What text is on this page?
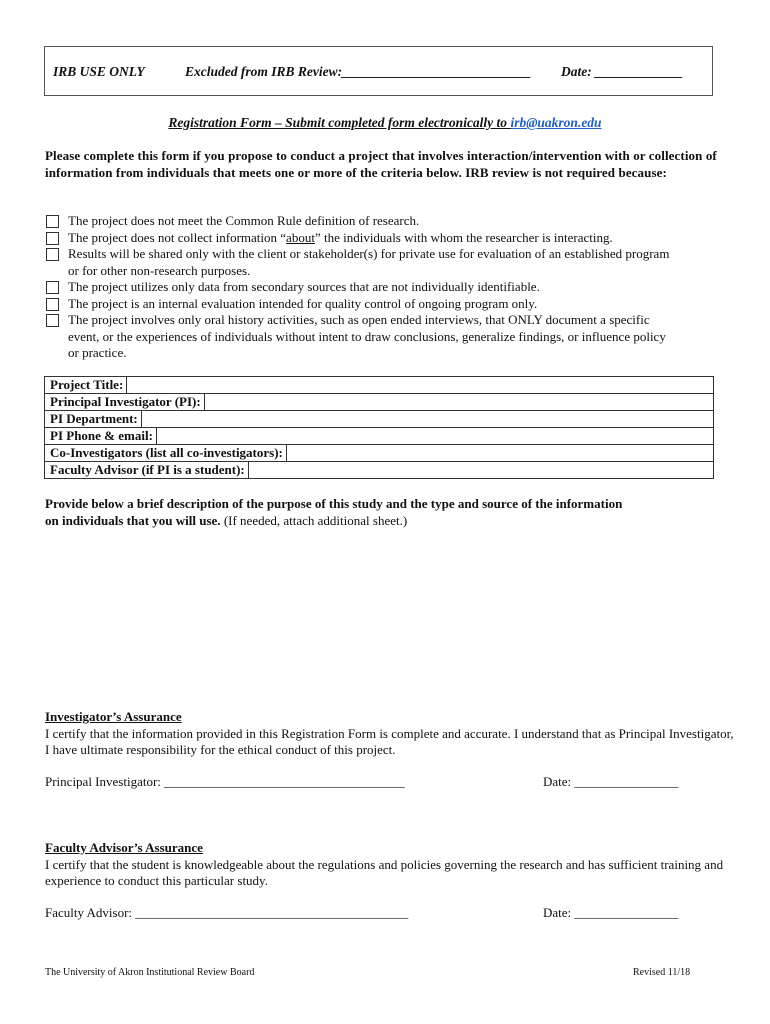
IRB USE ONLY	Excluded from IRB Review:____________________________ Date: _____________
Registration Form – Submit completed form electronically to irb@uakron.edu
Please complete this form if you propose to conduct a project that involves interaction/intervention with or collection of information from individuals that meets one or more of the criteria below. IRB review is not required because:
The project does not meet the Common Rule definition of research.
The project does not collect information “about” the individuals with whom the researcher is interacting.
Results will be shared only with the client or stakeholder(s) for private use for evaluation of an established program
or for other non-research purposes.
The project utilizes only data from secondary sources that are not individually identifiable.
The project is an internal evaluation intended for quality control of ongoing program only.
The project involves only oral history activities, such as open ended interviews, that ONLY document a specific
event, or the experiences of individuals without intent to draw conclusions, generalize findings, or influence policy
or practice.
Project Title:
Principal Investigator (PI):
PI Department:
PI Phone & email:
Co-Investigators (list all co-investigators):
Faculty Advisor (if PI is a student):
Provide below a brief description of the purpose of this study and the type and source of the information
on individuals that you will use. (If needed, attach additional sheet.)
Investigator’s Assurance
I certify that the information provided in this Registration Form is complete and accurate. I understand that as Principal Investigator, I have ultimate responsibility for the ethical conduct of this project.
Principal Investigator: _____________________________________	Date: ________________
Faculty Advisor’s Assurance
I certify that the student is knowledgeable about the regulations and policies governing the research and has sufficient training and experience to conduct this particular study.
Faculty Advisor: __________________________________________	Date: ________________
The University of Akron Institutional Review Board	Revised 11/18
